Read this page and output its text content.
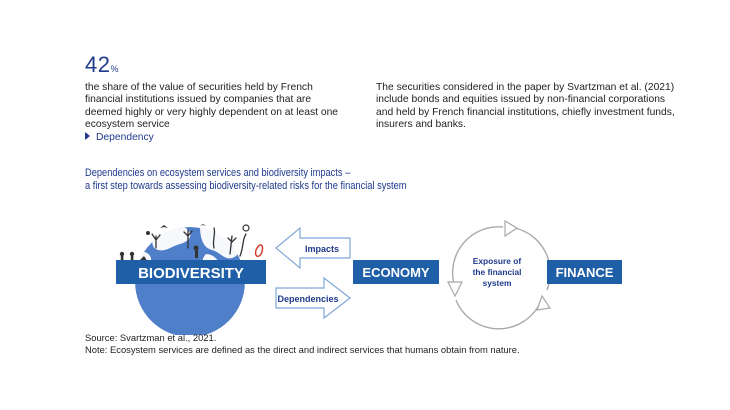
42%
the share of the value of securities held by French financial institutions issued by companies that are deemed highly or very highly dependent on at least one ecosystem service
Dependency
The securities considered in the paper by Svartzman et al. (2021) include bonds and equities issued by non-financial corporations and held by French financial institutions, chiefly investment funds, insurers and banks.
Dependencies on ecosystem services and biodiversity impacts –
a first step towards assessing biodiversity-related risks for the financial system
BIODIVERSITY
Impacts
Dependencies
ECONOMY
Exposure of
the financial
system
FINANCE
Source: Svartzman et al., 2021.
Note: Ecosystem services are defined as the direct and indirect services that humans obtain from nature.
